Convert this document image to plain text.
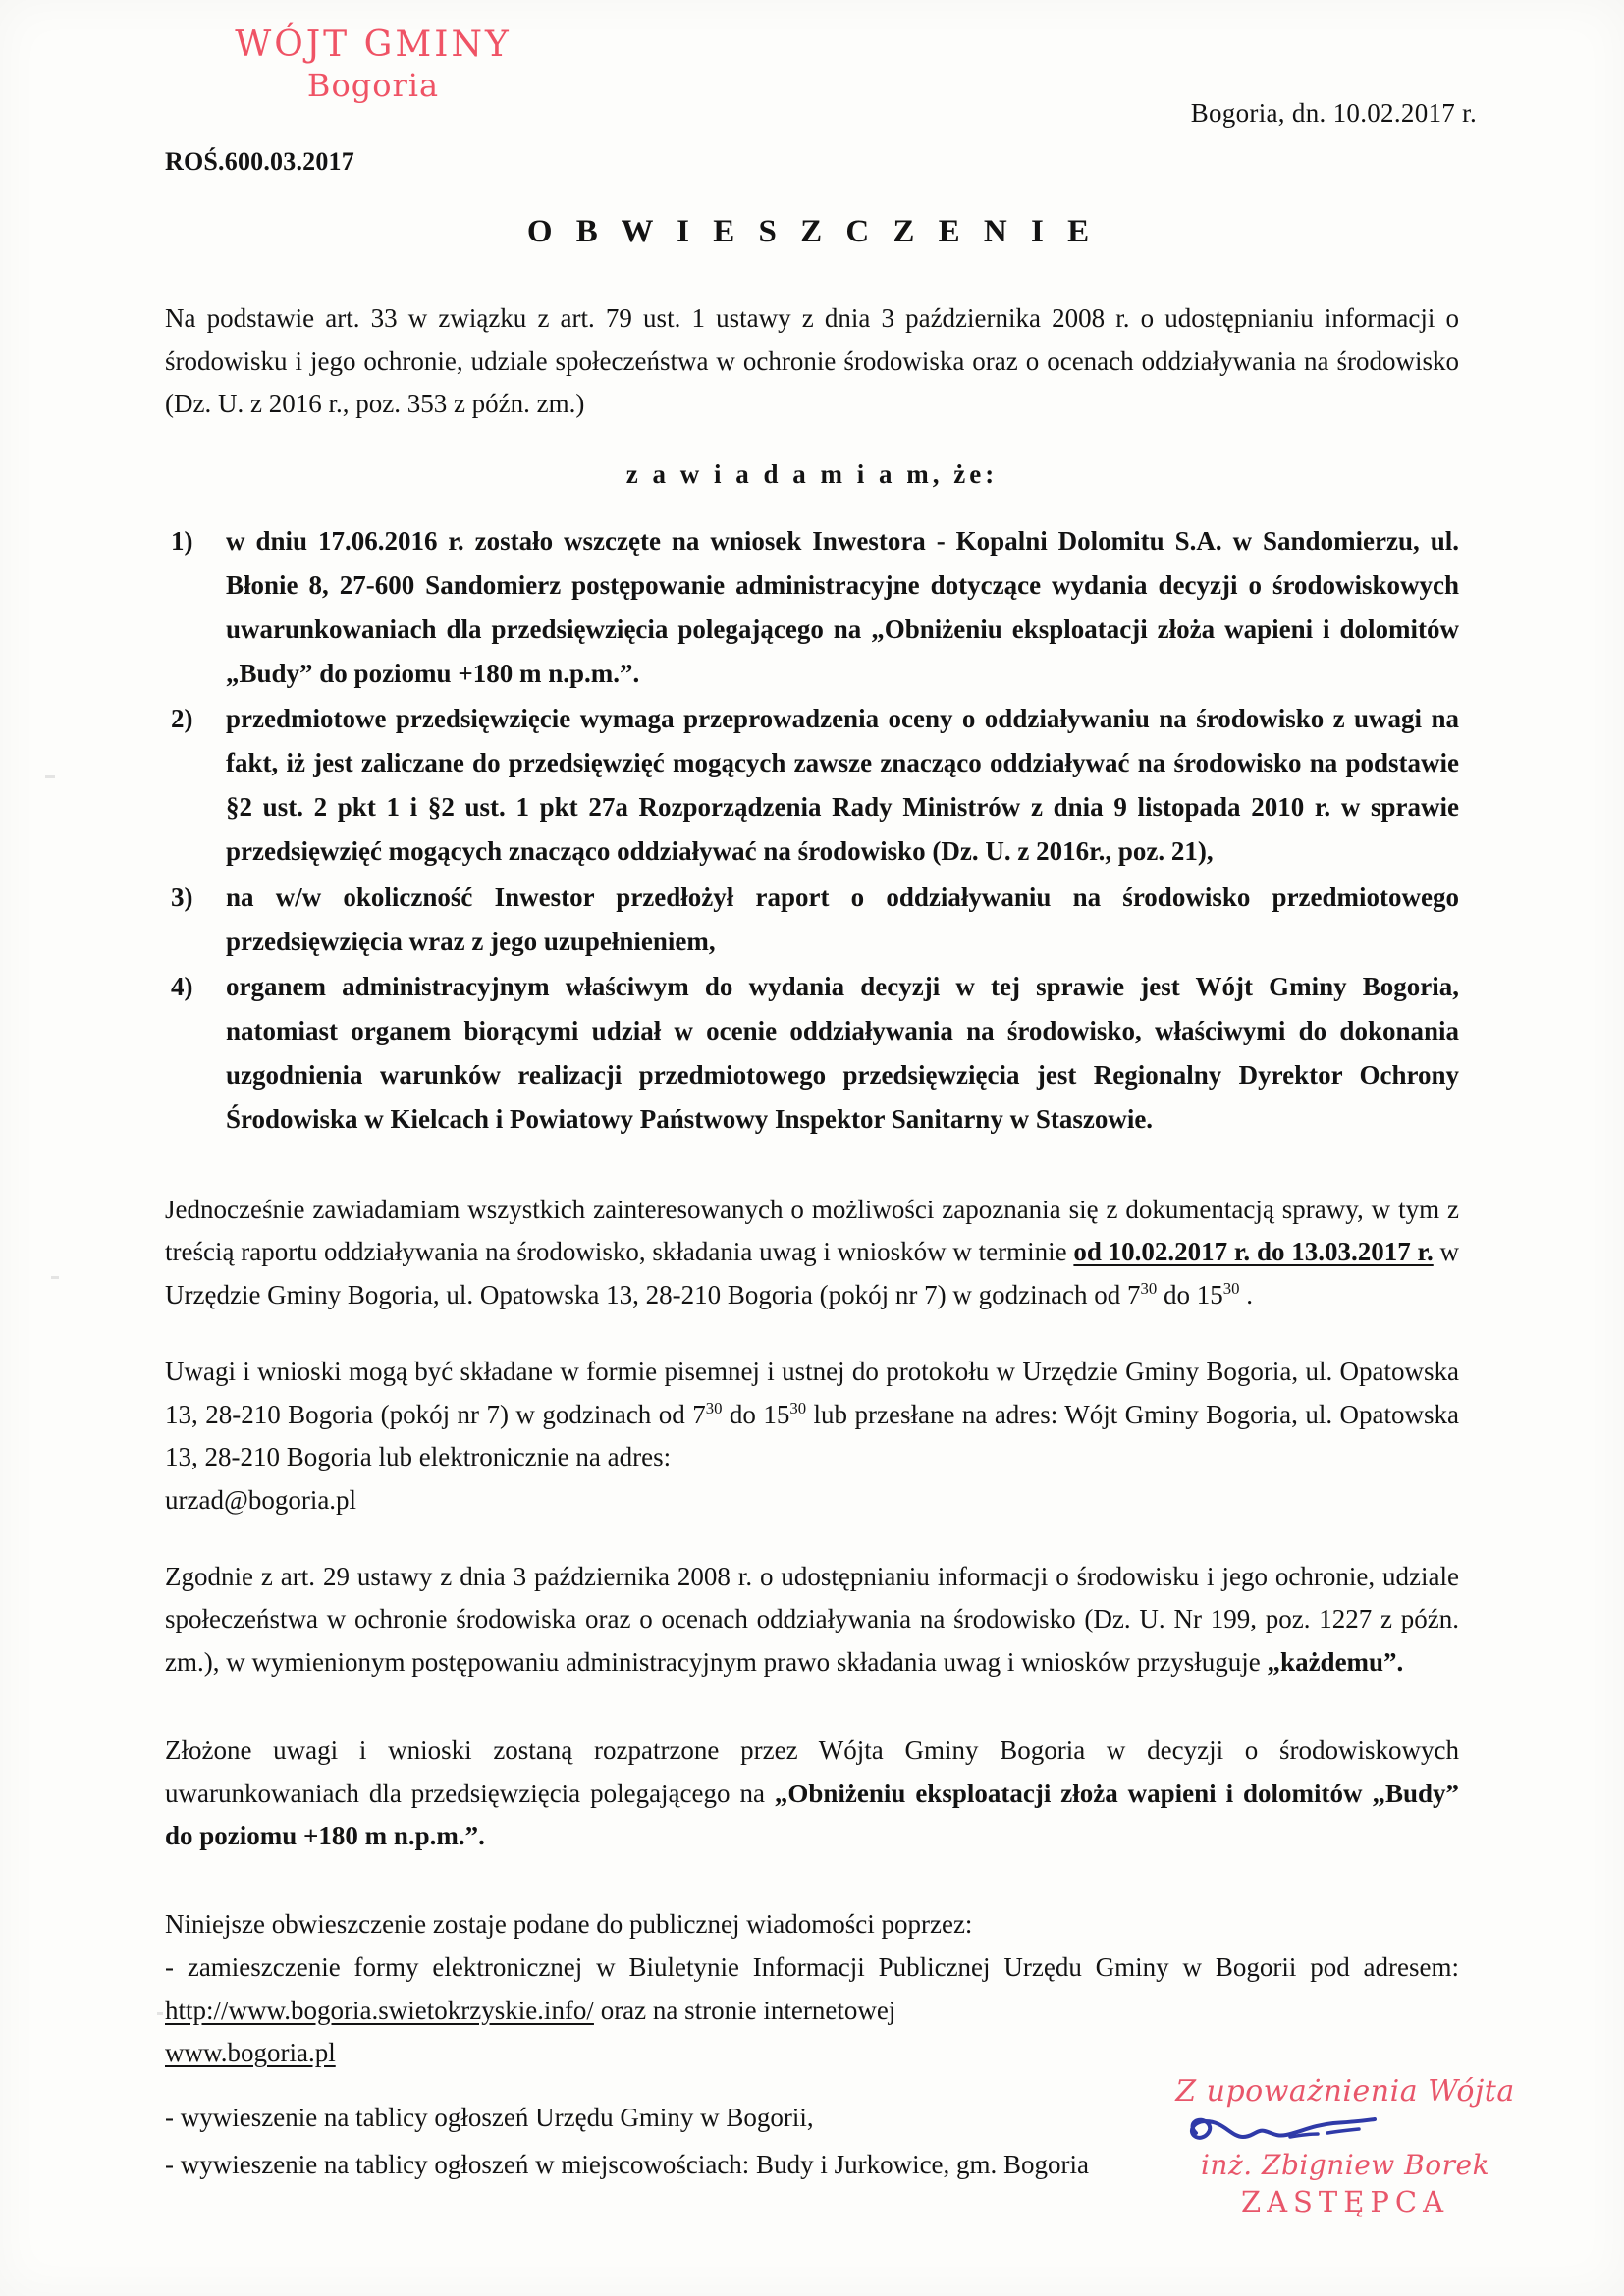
WÓJT GMINY
Bogoria
ROŚ.600.03.2017
Bogoria, dn. 10.02.2017 r.
O B W I E S Z C Z E N I E

Na podstawie art. 33 w związku z art. 79 ust. 1 ustawy z dnia 3 października 2008 r. o udostępnianiu informacji o środowisku i jego ochronie, udziale społeczeństwa w ochronie środowiska oraz o ocenach oddziaływania na środowisko (Dz. U. z 2016 r., poz. 353 z późn. zm.)

z a w i a d a m i a m, że:
1)	w dniu 17.06.2016 r. zostało wszczęte na wniosek Inwestora - Kopalni Dolomitu S.A. w Sandomierzu, ul. Błonie 8, 27-600 Sandomierz postępowanie administracyjne dotyczące wydania decyzji o środowiskowych uwarunkowaniach dla przedsięwzięcia polegającego na „Obniżeniu eksploatacji złoża wapieni i dolomitów „Budy” do poziomu +180 m n.p.m.”.
2)	przedmiotowe przedsięwzięcie wymaga przeprowadzenia oceny o oddziaływaniu na środowisko z uwagi na fakt, iż jest zaliczane do przedsięwzięć mogących zawsze znacząco oddziaływać na środowisko na podstawie §2 ust. 2 pkt 1 i §2 ust. 1 pkt 27a Rozporządzenia Rady Ministrów z dnia 9 listopada 2010 r. w sprawie przedsięwzięć mogących znacząco oddziaływać na środowisko (Dz. U. z 2016r., poz. 21),
3)	na w/w okoliczność Inwestor przedłożył raport o oddziaływaniu na środowisko przedmiotowego przedsięwzięcia wraz z jego uzupełnieniem,
4)	organem administracyjnym właściwym do wydania decyzji w tej sprawie jest Wójt Gminy Bogoria, natomiast organem biorącymi udział w ocenie oddziaływania na środowisko, właściwymi do dokonania uzgodnienia warunków realizacji przedmiotowego przedsięwzięcia jest Regionalny Dyrektor Ochrony Środowiska w Kielcach i Powiatowy Państwowy Inspektor Sanitarny w Staszowie.

Jednocześnie zawiadamiam wszystkich zainteresowanych o możliwości zapoznania się z dokumentacją sprawy, w tym z treścią raportu oddziaływania na środowisko, składania uwag i wniosków w terminie od 10.02.2017 r. do 13.03.2017 r. w Urzędzie Gminy Bogoria, ul. Opatowska 13, 28-210 Bogoria (pokój nr 7) w godzinach od $7^{30}$ do $15^{30}$ .

Uwagi i wnioski mogą być składane w formie pisemnej i ustnej do protokołu w Urzędzie Gminy Bogoria, ul. Opatowska 13, 28-210 Bogoria (pokój nr 7) w godzinach od $7^{30}$ do $15^{30}$ lub przesłane na adres: Wójt Gminy Bogoria, ul. Opatowska 13, 28-210 Bogoria lub elektronicznie na adres:

urzad@bogoria.pl

Zgodnie z art. 29 ustawy z dnia 3 października 2008 r. o udostępnianiu informacji o środowisku i jego ochronie, udziale społeczeństwa w ochronie środowiska oraz o ocenach oddziaływania na środowisko (Dz. U. Nr 199, poz. 1227 z późn. zm.), w wymienionym postępowaniu administracyjnym prawo składania uwag i wniosków przysługuje „każdemu”.

Złożone uwagi i wnioski zostaną rozpatrzone przez Wójta Gminy Bogoria w decyzji o środowiskowych uwarunkowaniach dla przedsięwzięcia polegającego na „Obniżeniu eksploatacji złoża wapieni i dolomitów „Budy” do poziomu +180 m n.p.m.”.

Niniejsze obwieszczenie zostaje podane do publicznej wiadomości poprzez:

- zamieszczenie formy elektronicznej w Biuletynie Informacji Publicznej Urzędu Gminy w Bogorii pod adresem: http://www.bogoria.swietokrzyskie.info/ oraz na stronie internetowej

www.bogoria.pl
- wywieszenie na tablicy ogłoszeń Urzędu Gminy w Bogorii,
- wywieszenie na tablicy ogłoszeń w miejscowościach: Budy i Jurkowice, gm. Bogoria
Z upoważnienia Wójta
inż. Zbigniew Borek
ZASTĘPCA
